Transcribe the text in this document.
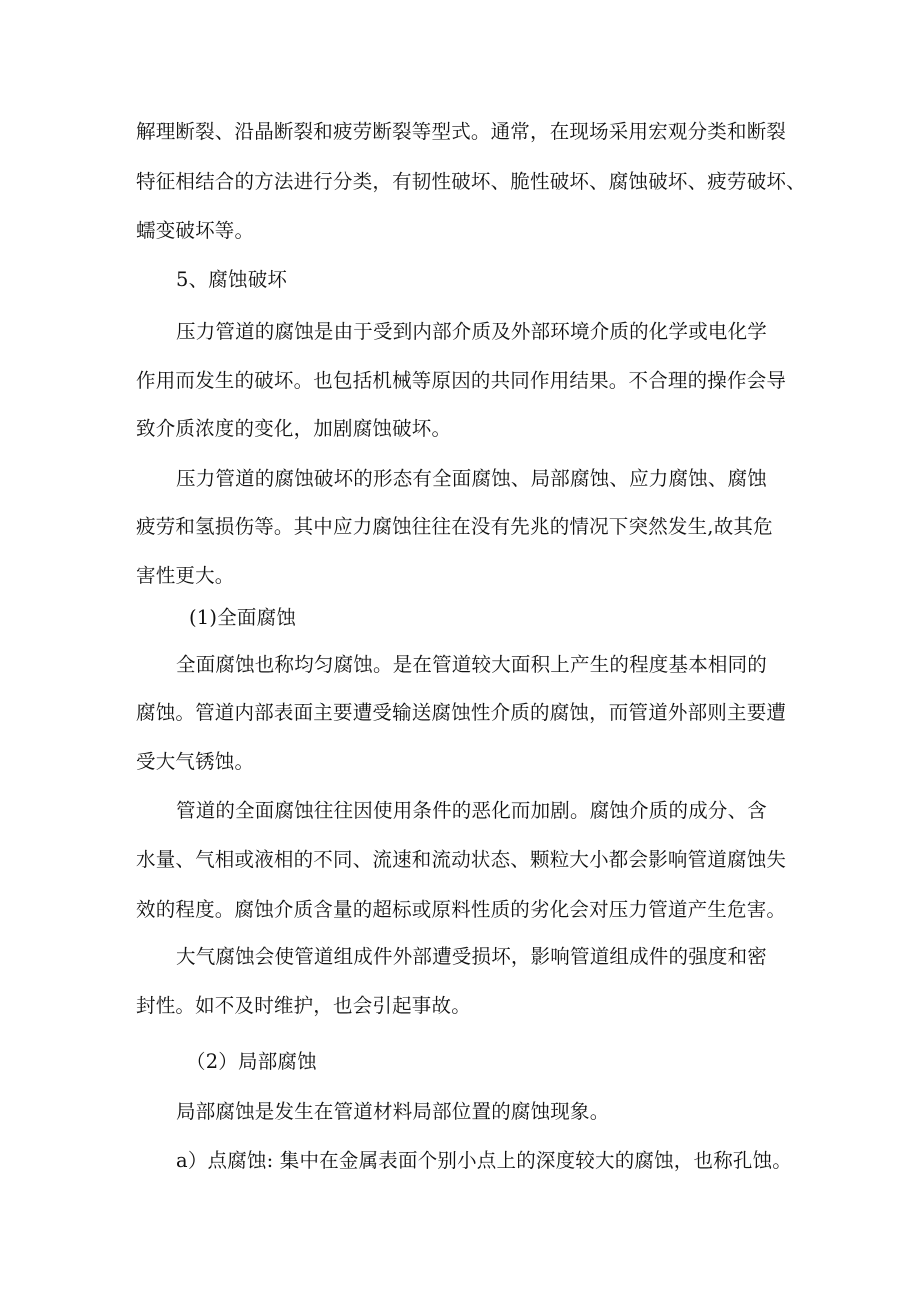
解理断裂、沿晶断裂和疲劳断裂等型式。通常，在现场采用宏观分类和断裂
特征相结合的方法进行分类，有韧性破坏、脆性破坏、腐蚀破坏、疲劳破坏、
蠕变破坏等。
5、腐蚀破坏
压力管道的腐蚀是由于受到内部介质及外部环境介质的化学或电化学
作用而发生的破坏。也包括机械等原因的共同作用结果。不合理的操作会导
致介质浓度的变化，加剧腐蚀破坏。
压力管道的腐蚀破坏的形态有全面腐蚀、局部腐蚀、应力腐蚀、腐蚀
疲劳和氢损伤等。其中应力腐蚀往往在没有先兆的情况下突然发生,故其危
害性更大。
(1)全面腐蚀
全面腐蚀也称均匀腐蚀。是在管道较大面积上产生的程度基本相同的
腐蚀。管道内部表面主要遭受输送腐蚀性介质的腐蚀，而管道外部则主要遭
受大气锈蚀。
管道的全面腐蚀往往因使用条件的恶化而加剧。腐蚀介质的成分、含
水量、气相或液相的不同、流速和流动状态、颗粒大小都会影响管道腐蚀失
效的程度。腐蚀介质含量的超标或原料性质的劣化会对压力管道产生危害。
大气腐蚀会使管道组成件外部遭受损坏，影响管道组成件的强度和密
封性。如不及时维护，也会引起事故。
（2）局部腐蚀
局部腐蚀是发生在管道材料局部位置的腐蚀现象。
a）点腐蚀: 集中在金属表面个别小点上的深度较大的腐蚀，也称孔蚀。
